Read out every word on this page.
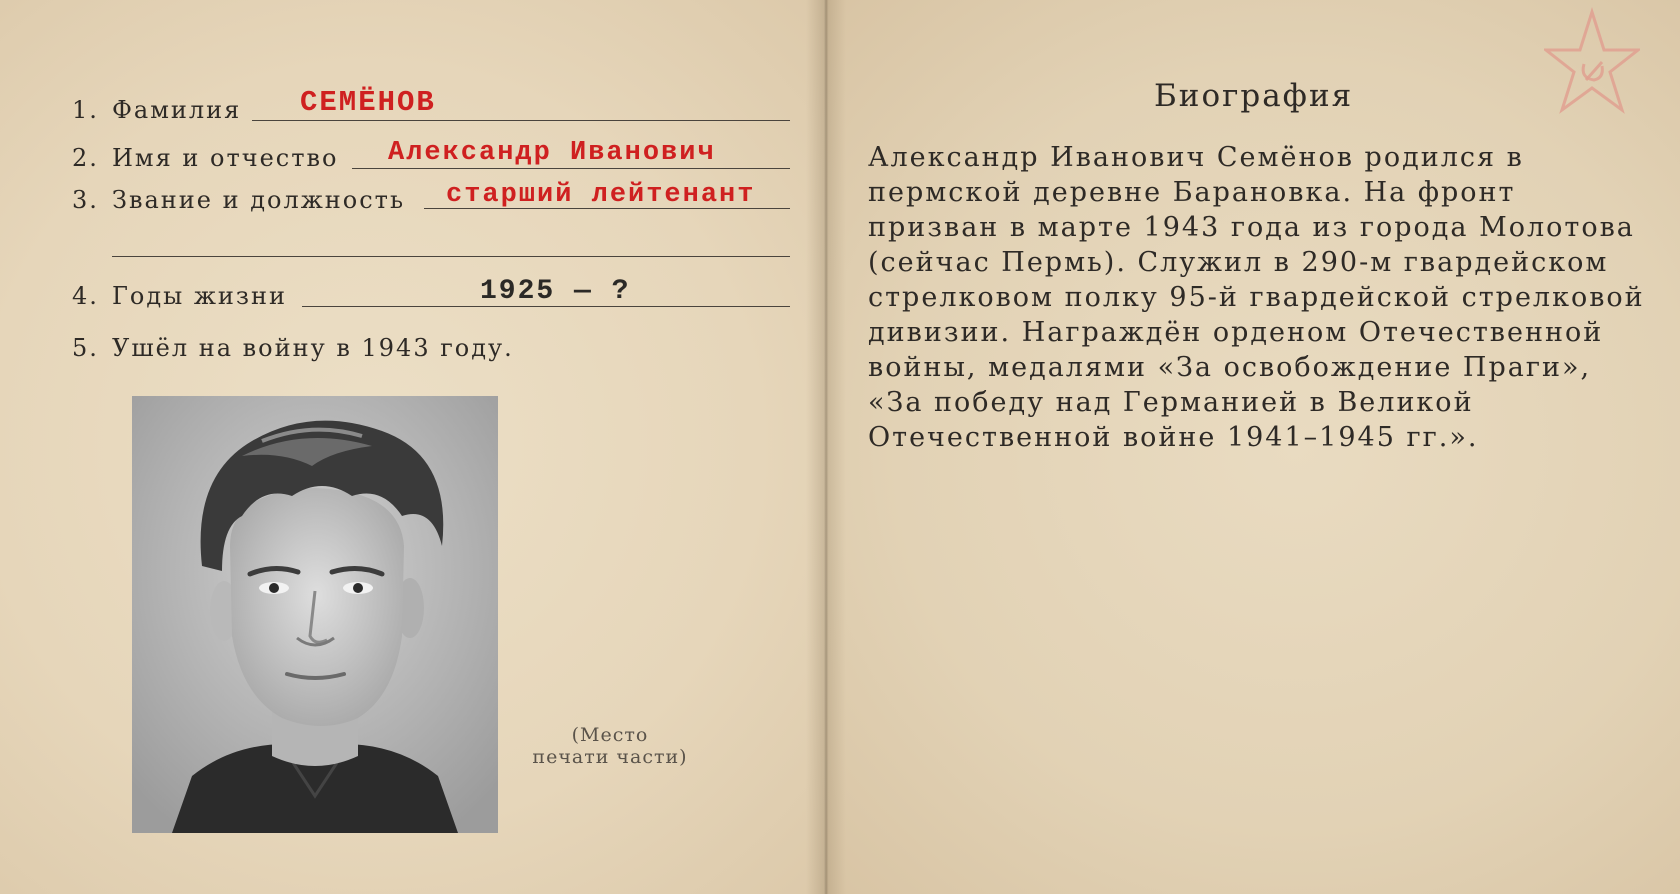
1. Фамилия СЕМЁНОВ
2. Имя и отчество Александр Иванович
3. Звание и должность старший лейтенант
4. Годы жизни	1925 — ?
5. Ушёл на войну в 1943 году.
(Место
печати части)
Биография
Александр Иванович Семёнов родился в
пермской деревне Барановка. На фронт
призван в марте 1943 года из города Молотова
(сейчас Пермь). Служил в 290-м гвардейском
стрелковом полку 95-й гвардейской стрелковой
дивизии. Награждён орденом Отечественной
войны, медалями «За освобождение Праги»,
«За победу над Германией в Великой
Отечественной войне 1941–1945 гг.».
